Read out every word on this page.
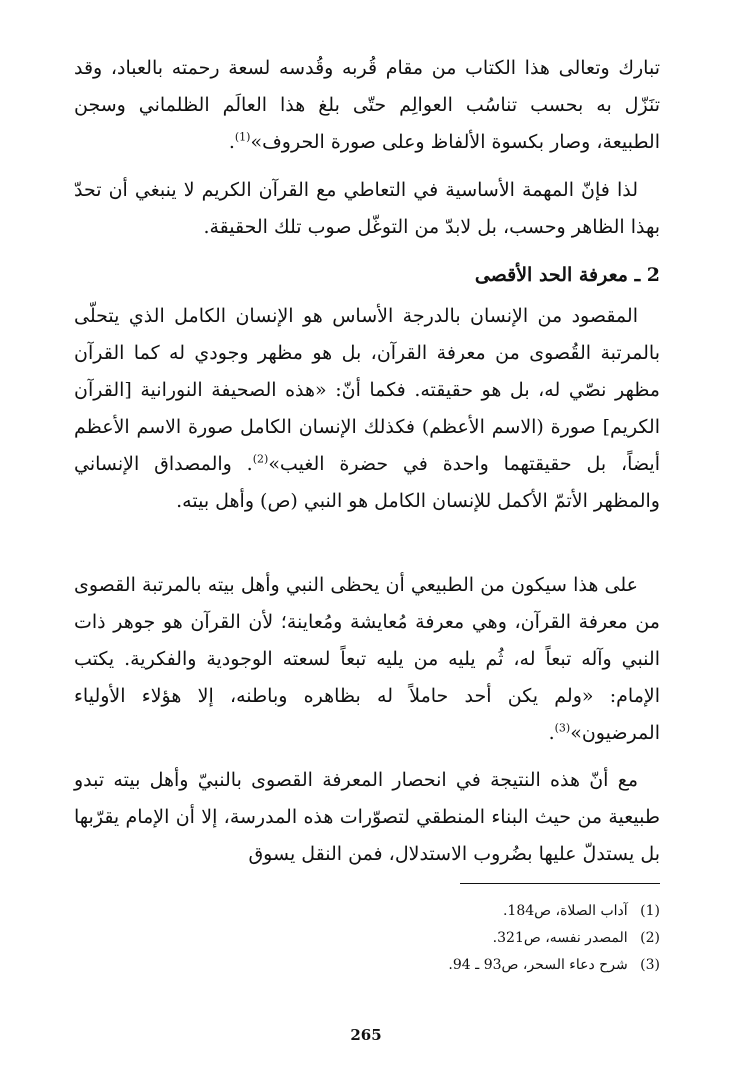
تبارك وتعالى هذا الكتاب من مقام قُربه وقُدسه لسعة رحمته بالعباد، وقد تنَزّل به بحسب تناسُب العوالِم حتّى بلغ هذا العالَم الظلماني وسجن الطبيعة، وصار بكسوة الألفاظ وعلى صورة الحروف»$^{(1)}$.

لذا فإنّ المهمة الأساسية في التعاطي مع القرآن الكريم لا ينبغي أن تحدّ بهذا الظاهر وحسب، بل لابدّ من التوغّل صوب تلك الحقيقة.

2 ـ معرفة الحد الأقصى

المقصود من الإنسان بالدرجة الأساس هو الإنسان الكامل الذي يتحلّى بالمرتبة القُصوى من معرفة القرآن، بل هو مظهر وجودي له كما القرآن مظهر نصّي له، بل هو حقيقته. فكما أنّ: «هذه الصحيفة النورانية [القرآن الكريم] صورة (الاسم الأعظم) فكذلك الإنسان الكامل صورة الاسم الأعظم أيضاً، بل حقيقتهما واحدة في حضرة الغيب»$^{(2)}$. والمصداق الإنساني والمظهر الأتمّ الأكمل للإنسان الكامل هو النبي (ص) وأهل بيته.

على هذا سيكون من الطبيعي أن يحظى النبي وأهل بيته بالمرتبة القصوى من معرفة القرآن، وهي معرفة مُعايشة ومُعاينة؛ لأن القرآن هو جوهر ذات النبي وآله تبعاً له، ثُم يليه من يليه تبعاً لسعته الوجودية والفكرية. يكتب الإمام: «ولم يكن أحد حاملاً له بظاهره وباطنه، إلا هؤلاء الأولياء المرضيون»$^{(3)}$.

مع أنّ هذه النتيجة في انحصار المعرفة القصوى بالنبيّ وأهل بيته تبدو طبيعية من حيث البناء المنطقي لتصوّرات هذه المدرسة، إلا أن الإمام يقرّبها بل يستدلّ عليها بضُروب الاستدلال، فمن النقل يسوق

(1) آداب الصلاة، ص184.
(2) المصدر نفسه، ص321.
(3) شرح دعاء السحر، ص93 ـ 94.
265
